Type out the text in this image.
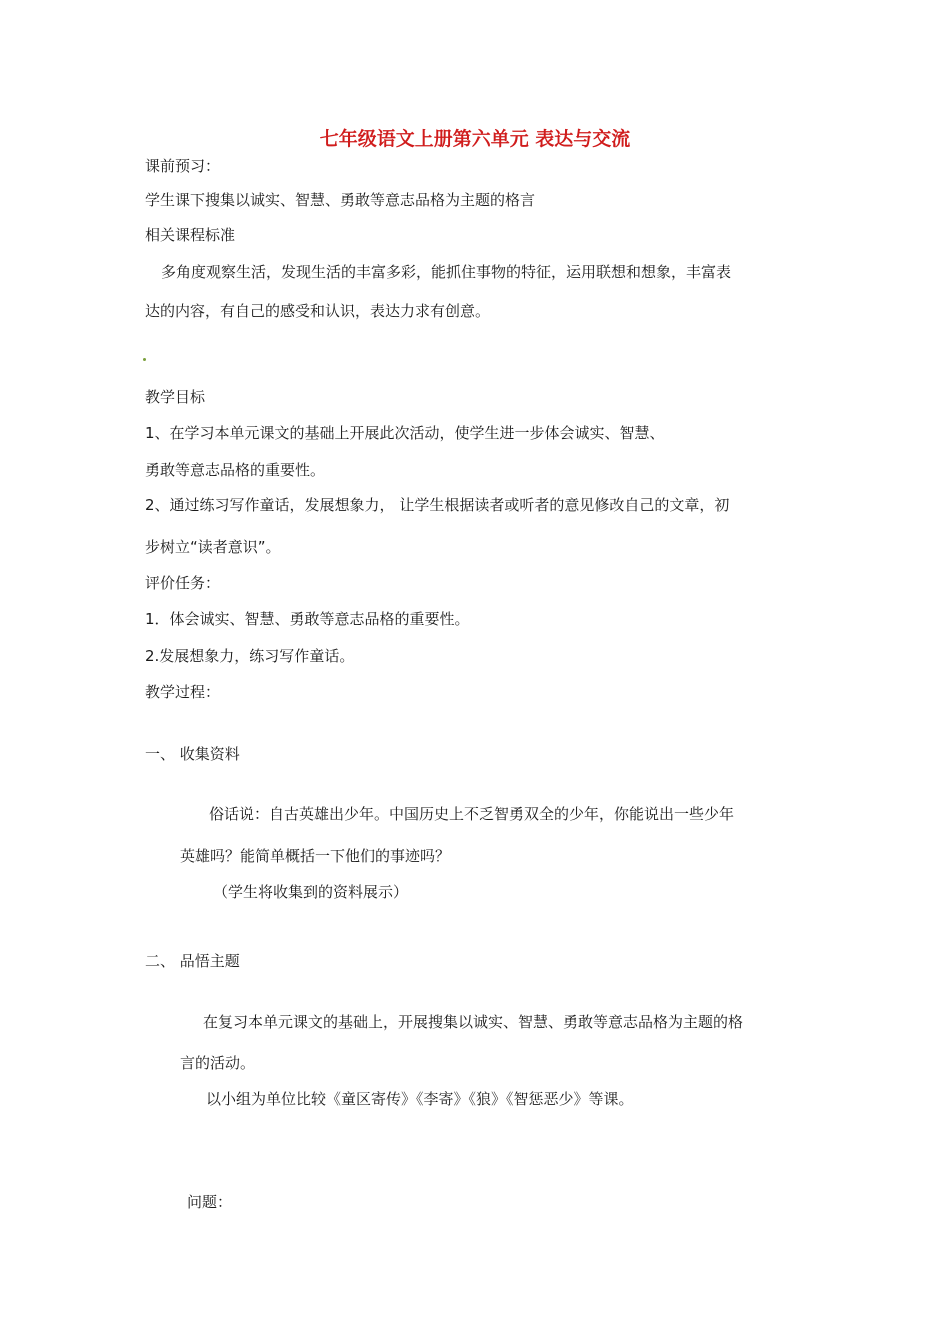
七年级语文上册第六单元 表达与交流
课前预习：
学生课下搜集以诚实、智慧、勇敢等意志品格为主题的格言
相关课程标准
多角度观察生活，发现生活的丰富多彩，能抓住事物的特征，运用联想和想象，丰富表
达的内容，有自己的感受和认识，表达力求有创意。
教学目标
1、在学习本单元课文的基础上开展此次活动，使学生进一步体会诚实、智慧、
勇敢等意志品格的重要性。
2、通过练习写作童话，发展想象力， 让学生根据读者或听者的意见修改自己的文章，初
步树立“读者意识”。
评价任务：
1．体会诚实、智慧、勇敢等意志品格的重要性。
2.发展想象力，练习写作童话。
教学过程：
一、 收集资料
俗话说：自古英雄出少年。中国历史上不乏智勇双全的少年，你能说出一些少年
英雄吗？能简单概括一下他们的事迹吗？
（学生将收集到的资料展示）
二、 品悟主题
在复习本单元课文的基础上，开展搜集以诚实、智慧、勇敢等意志品格为主题的格
言的活动。
以小组为单位比较《童区寄传》《李寄》《狼》《智惩恶少》等课。
问题：
